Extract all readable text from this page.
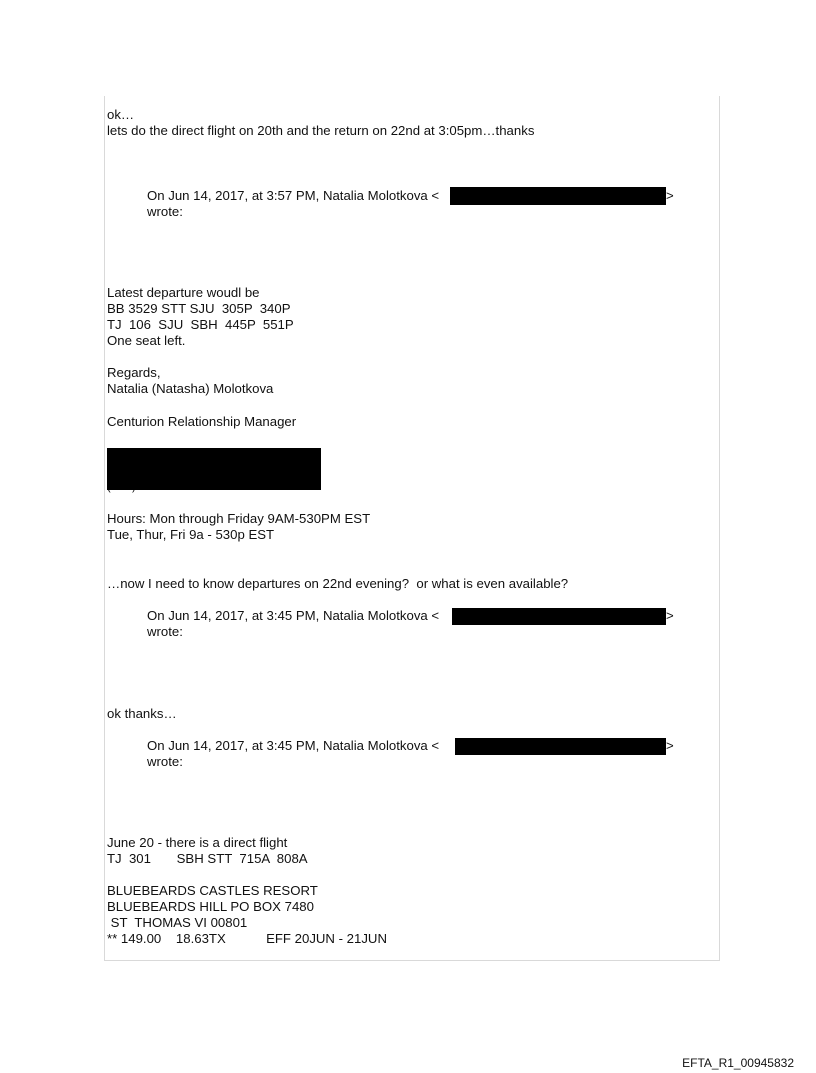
ok…
lets do the direct flight on 20th and the return on 22nd at 3:05pm…thanks
On Jun 14, 2017, at 3:57 PM, Natalia Molotkova <	>
wrote:
Latest departure woudl be
BB 3529 STT SJU  305P  340P
TJ  106  SJU  SBH  445P  551P
One seat left.
Regards,
Natalia (Natasha) Molotkova
Centurion Relationship Manager
Hours: Mon through Friday 9AM-530PM EST
Tue, Thur, Fri 9a - 530p EST
…now I need to know departures on 22nd evening?  or what is even available?
On Jun 14, 2017, at 3:45 PM, Natalia Molotkova <	>
wrote:
ok thanks…
On Jun 14, 2017, at 3:45 PM, Natalia Molotkova <	>
wrote:
June 20 - there is a direct flight
TJ  301       SBH STT  715A  808A
BLUEBEARDS CASTLES RESORT
BLUEBEARDS HILL PO BOX 7480
ST  THOMAS VI 00801
** 149.00    18.63TX           EFF 20JUN - 21JUN
EFTA_R1_00945832
